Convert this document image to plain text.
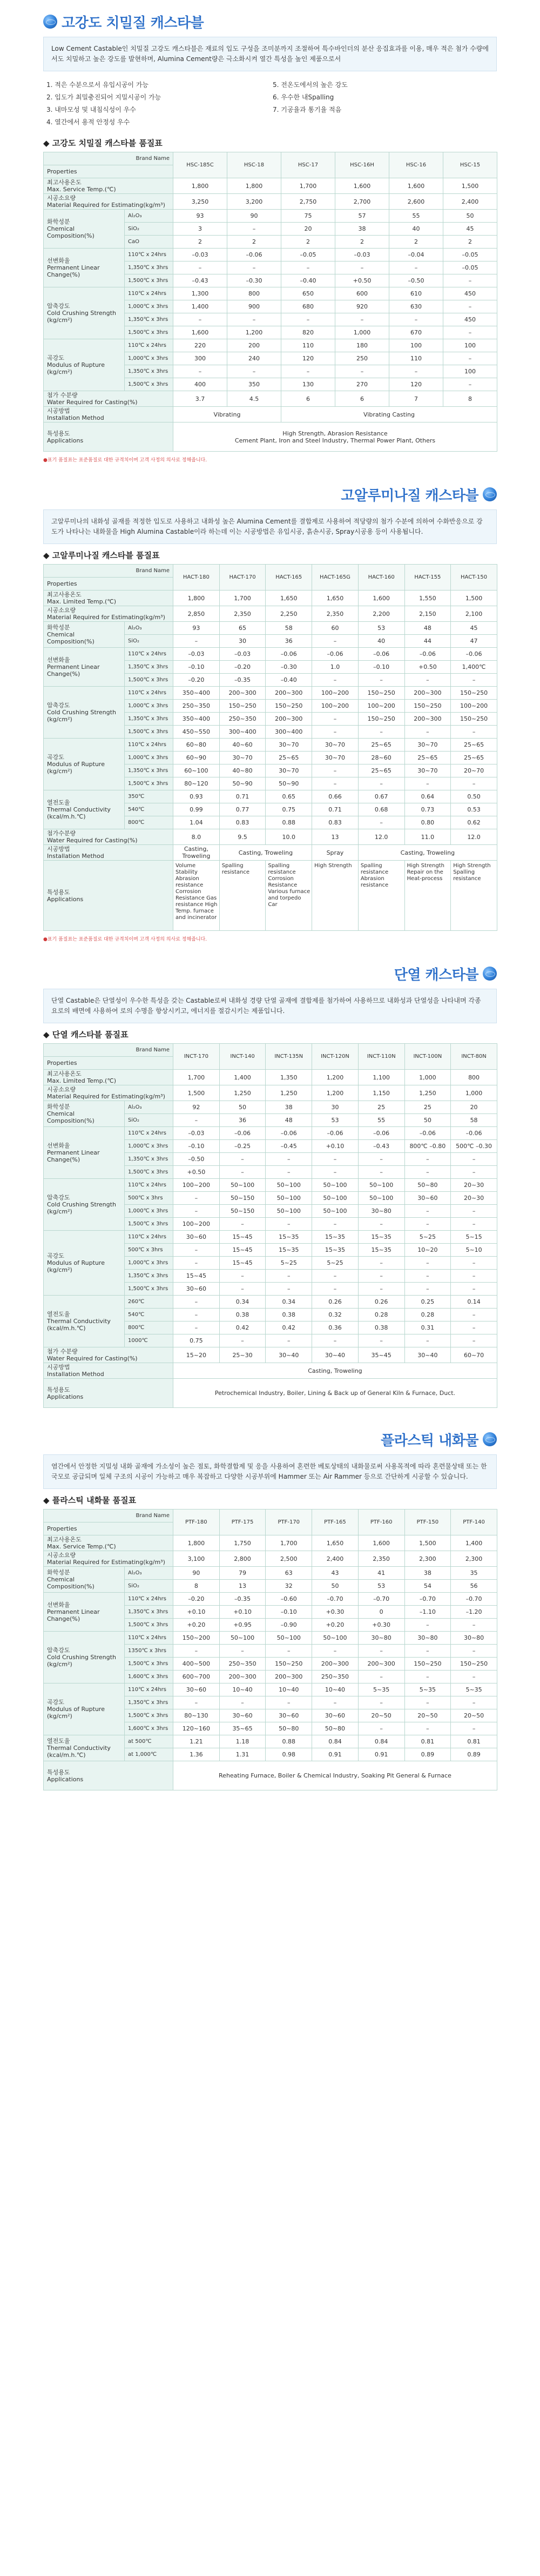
고강도 치밀질 캐스타블
Low Cement Castable인 치밀질 고강도 캐스타블은 재료의 입도 구성을 조미분까지 조절하여 특수바인더의 분산 응집효과를 이용, 매우 적은 첨가 수량에서도 치밀하고 높은 강도를 발현하며, Alumina Cement량은 극소화시켜 열간 특성을 높인 제품으로서
1. 적은 수분으로서 유입시공이 가능	5. 전온도에서의 높은 강도
2. 입도가 최밀충진되어 지밀시공이 가능	6. 우수한 내Spalling
3. 내마모성 및 내침식성이 우수	7. 기공율과 통기율 적음
4. 열간에서 용적 안정성 우수
◆ 고강도 치밀질 캐스타블 품질표
Brand Name		HSC-185C	HSC-18	HSC-17	HSC-16H	HSC-16	HSC-15
Properties							
최고사용온도
Max. Service Temp.(℃)		1,800	1,800	1,700	1,600	1,600	1,500
시공소요량
Material Required for Estimating(kg/m³)		3,250	3,200	2,750	2,700	2,600	2,400
화학성분
Chemical Composition(%)	Al₂O₃	93	90	75	57	55	50
	SiO₂	3	–	20	38	40	45
	CaO	2	2	2	2	2	2
선변화율
Permanent Linear Change(%)	110℃ x 24hrs	–0.03	–0.06	–0.05	–0.03	–0.04	–0.05
	1,350℃ x 3hrs	–	–	–	–	–	–0.05
	1,500℃ x 3hrs	–0.43	–0.30	–0.40	+0.50	–0.50	–
압축강도
Cold Crushing Strength (kg/cm²)	110℃ x 24hrs	1,300	800	650	600	610	450
	1,000℃ x 3hrs	1,400	900	680	920	630	–
	1,350℃ x 3hrs	–	–	–	–	–	450
	1,500℃ x 3hrs	1,600	1,200	820	1,000	670	–
곡강도
Modulus of Rupture (kg/cm²)	110℃ x 24hrs	220	200	110	180	100	100
	1,000℃ x 3hrs	300	240	120	250	110	–
	1,350℃ x 3hrs	–	–	–	–	–	100
	1,500℃ x 3hrs	400	350	130	270	120	–
첨가 수분량
Water Required for Casting(%)		3.7	4.5	6	6	7	8
시공방법
Installation Method		Vibrating		Vibrating Casting			
특성용도
Applications		High Strength, Abrasion Resistance
Cement Plant, Iron and Steel Industry, Thermal Power Plant, Others					
●표기 품질표는 표준품질로 대한 규격치이며 고객 사정의 의사로 정해줍니다.
고알루미나질 캐스타블
고알루미나의 내화성 골재를 적정한 입도로 사용하고 내화성 높은 Alumina Cement를 결합제로 사용하여 적당량의 첨가 수분에 의하여 수화반응으로 강도가 나타나는 내화물을 High Alumina Castable이라 하는데 이는 시공방법은 유입시공, 흙손시공, Spray시공용 등이 사용됩니다.
◆ 고알루미나질 캐스타블 품질표
Brand Name		HACT-180	HACT-170	HACT-165	HACT-165G	HACT-160	HACT-155	HACT-150
Properties								
최고사용온도
Max. Limited Temp.(℃)		1,800	1,700	1,650	1,650	1,600	1,550	1,500
시공소요량
Material Required for Estimating(kg/m³)		2,850	2,350	2,250	2,350	2,200	2,150	2,100
화학성분
Chemical Composition(%)	Al₂O₃	93	65	58	60	53	48	45
	SiO₂	–	30	36	–	40	44	47
선변화율
Permanent Linear Change(%)	110℃ x 24hrs	–0.03	–0.03	–0.06	–0.06	–0.06	–0.06	–0.06
	1,350℃ x 3hrs	–0.10	–0.20	–0.30	1.0	–0.10	+0.50	1,400℃
	1,500℃ x 3hrs	–0.20	–0.35	–0.40	–	–	–	–
압축강도
Cold Crushing Strength (kg/cm²)	110℃ x 24hrs	350~400	200~300	200~300	100~200	150~250	200~300	150~250
	1,000℃ x 3hrs	250~350	150~250	150~250	100~200	100~200	150~250	100~200
	1,350℃ x 3hrs	350~400	250~350	200~300	–	150~250	200~300	150~250
	1,500℃ x 3hrs	450~550	300~400	300~400	–	–	–	–
곡강도
Modulus of Rupture (kg/cm²)	110℃ x 24hrs	60~80	40~60	30~70	30~70	25~65	30~70	25~65
	1,000℃ x 3hrs	60~90	30~70	25~65	30~70	28~60	25~65	25~65
	1,350℃ x 3hrs	60~100	40~80	30~70	–	25~65	30~70	20~70
	1,500℃ x 3hrs	80~120	50~90	50~90	–	–	–	–
열전도율
Thermal Conductivity (kcal/m.h.℃)	350℃	0.93	0.71	0.65	0.66	0.67	0.64	0.50
	540℃	0.99	0.77	0.75	0.71	0.68	0.73	0.53
	800℃	1.04	0.83	0.88	0.83	–	0.80	0.62
첨가수분량
Water Required for Casting(%)		8.0	9.5	10.0	13	12.0	11.0	12.0
시공방법
Installation Method		Casting, Troweling	Casting, Troweling		Spray	Casting, Troweling		
특성용도
Applications		Volume Stability Abrasion resistance Corrosion Resistance Gas resistance High Temp. furnace and incinerator	Spalling resistance	Spalling resistance Corrosion Resistance Various furnace and torpedo Car	High Strength	Spalling resistance Abrasion resistance	High Strength Repair on the Heat-process	High Strength Spalling resistance
●표기 품질표는 표준품질로 대한 규격치이며 고객 사정의 의사로 정해줍니다.
단열 캐스타블
단열 Castable은 단열성이 우수한 특성을 갖는 Castable로써 내화성 경량 단열 골재에 결합제를 첨가하여 사용하므로 내화성과 단열성을 나타내며 각종 요로의 배면에 사용하여 로의 수명을 향상시키고, 에너지를 절감시키는 제품입니다.
◆ 단열 캐스타블 품질표
Brand Name		INCT-170	INCT-140	INCT-135N	INCT-120N	INCT-110N	INCT-100N	INCT-80N
Properties								
최고사용온도
Max. Limited Temp.(℃)		1,700	1,400	1,350	1,200	1,100	1,000	800
시공소요량
Material Required for Estimating(kg/m³)		1,500	1,250	1,250	1,200	1,150	1,250	1,000
화학성분
Chemical Composition(%)	Al₂O₃	92	50	38	30	25	25	20
	SiO₂	–	36	48	53	55	50	58
선변화율
Permanent Linear Change(%)	110℃ x 24hrs	–0.03	–0.06	–0.06	–0.06	–0.06	–0.06	–0.06
	1,000℃ x 3hrs	–0.10	–0.25	–0.45	+0.10	–0.43	800℃ –0.80	500℃ –0.30
	1,350℃ x 3hrs	–0.50	–	–	–	–	–	–
	1,500℃ x 3hrs	+0.50	–	–	–	–	–	–
압축강도
Cold Crushing Strength (kg/cm²)	110℃ x 24hrs	100~200	50~100	50~100	50~100	50~100	50~80	20~30
	500℃ x 3hrs	–	50~150	50~100	50~100	50~100	30~60	20~30
	1,000℃ x 3hrs	–	50~150	50~100	50~100	30~80	–	–
	1,500℃ x 3hrs	100~200	–	–	–	–	–	–
곡강도
Modulus of Rupture (kg/cm²)	110℃ x 24hrs	30~60	15~45	15~35	15~35	15~35	5~25	5~15
	500℃ x 3hrs	–	15~45	15~35	15~35	15~35	10~20	5~10
	1,000℃ x 3hrs	–	15~45	5~25	5~25	–	–	–
	1,350℃ x 3hrs	15~45	–	–	–	–	–	–
	1,500℃ x 3hrs	30~60	–	–	–	–	–	–
열전도율
Thermal Conductivity (kcal/m.h.℃)	260℃	–	0.34	0.34	0.26	0.26	0.25	0.14
	540℃	–	0.38	0.38	0.32	0.28	0.28	–
	800℃	–	0.42	0.42	0.36	0.38	0.31	–
	1000℃	0.75	–	–	–	–	–	–
첨가 수분량
Water Required for Casting(%)		15~20	25~30	30~40	30~40	35~45	30~40	60~70
시공방법
Installation Method		Casting, Troweling						
특성용도
Applications		Petrochemical Industry, Boiler, Lining & Back up of General Kiln & Furnace, Duct.						
플라스틱 내화물
염간에서 안정한 지밀성 내화 골재에 가소성이 높은 점토, 화학결합제 및 응을 사용하여 혼련한 베토상태의 내화물로써 사용목적에 따라 혼련물상태 또는 한국모로 공급되며 일체 구조의 시공이 가능하고 매우 복잡하고 다양한 시공부위에 Hammer 또는 Air Rammer 등으로 간단하게 시공할 수 있습니다.
◆ 플라스틱 내화물 품질표
Brand Name		PTF-180	PTF-175	PTF-170	PTF-165	PTF-160	PTF-150	PTF-140
Properties								
최고사용온도
Max. Service Temp.(℃)		1,800	1,750	1,700	1,650	1,600	1,500	1,400
시공소요량
Material Required for Estimating(kg/m³)		3,100	2,800	2,500	2,400	2,350	2,300	2,300
화학성분
Chemical Composition(%)	Al₂O₃	90	79	63	43	41	38	35
	SiO₂	8	13	32	50	53	54	56
선변화율
Permanent Linear Change(%)	110℃ x 24hrs	–0.20	–0.35	–0.60	–0.70	–0.70	–0.70	–0.70
	1,350℃ x 3hrs	+0.10	+0.10	–0.10	+0.30	0	–1.10	–1.20
	1,500℃ x 3hrs	+0.20	+0.95	–0.90	+0.20	+0.30	–	–
압축강도
Cold Crushing Strength (kg/cm²)	110℃ x 24hrs	150~200	50~100	50~100	50~100	30~80	30~80	30~80
	1350℃ x 3hrs	–	–	–	–	–	–	–
	1,500℃ x 3hrs	400~500	250~350	150~250	200~300	200~300	150~250	150~250
	1,600℃ x 3hrs	600~700	200~300	200~300	250~350	–	–	–
곡강도
Modulus of Rupture (kg/cm²)	110℃ x 24hrs	30~60	10~40	10~40	10~40	5~35	5~35	5~35
	1,350℃ x 3hrs	–	–	–	–	–	–	–
	1,500℃ x 3hrs	80~130	30~60	30~60	30~60	20~50	20~50	20~50
	1,600℃ x 3hrs	120~160	35~65	50~80	50~80	–	–	–
열전도율
Thermal Conductivity (kcal/m.h.℃)	at 500℃	1.21	1.18	0.88	0.84	0.84	0.81	0.81
	at 1,000℃	1.36	1.31	0.98	0.91	0.91	0.89	0.89
특성용도
Applications		Reheating Furnace, Boiler & Chemical Industry, Soaking Pit General & Furnace						
